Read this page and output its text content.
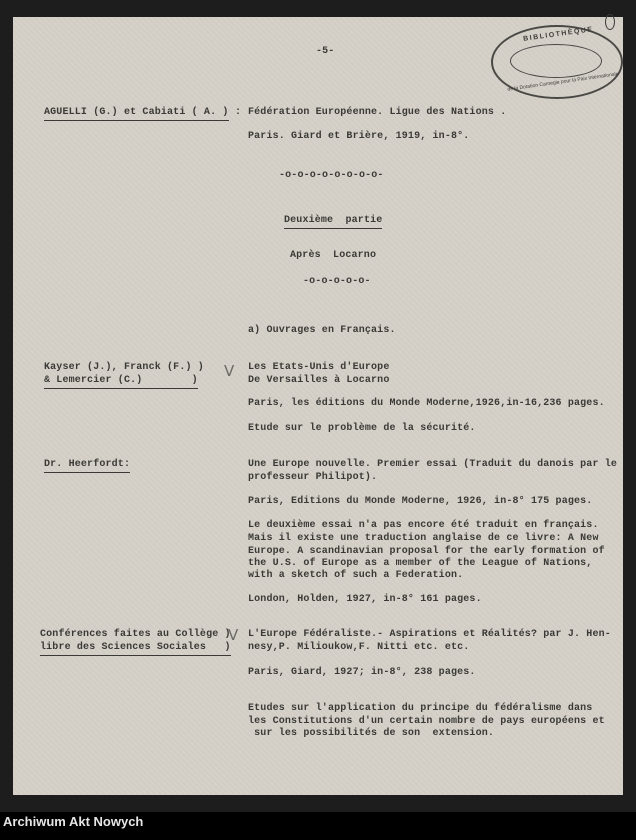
BIBLIOTHÈQUE
de la Dotation Carnegie pour la Paix Internationale
-5-
AGUELLI (G.) et Cabiati ( A. ) : Fédération Européenne. Ligue des Nations .
Paris. Giard et Brière, 1919, in-8°.
-o-o-o-o-o-o-o-o-
Deuxième  partie
Après  Locarno
-o-o-o-o-o-
a) Ouvrages en Français.
Kayser (J.), Franck (F.) )
& Lemercier (C.)        )
V Les Etats-Unis d'Europe
De Versailles à Locarno
Paris, les éditions du Monde Moderne,1926,in-16,236 pages.
Etude sur le problème de la sécurité.
Dr. Heerfordt:	Une Europe nouvelle. Premier essai (Traduit du danois par le
professeur Philipot).
Paris, Editions du Monde Moderne, 1926, in-8° 175 pages.
Le deuxième essai n'a pas encore été traduit en français.
Mais il existe une traduction anglaise de ce livre: A New
Europe. A scandinavian proposal for the early formation of
the U.S. of Europe as a member of the League of Nations,
with a sketch of such a Federation.
London, Holden, 1927, in-8° 161 pages.
Conférences faites au Collège )
libre des Sciences Sociales   )
V L'Europe Fédéraliste.- Aspirations et Réalités? par J. Hen-
nesy,P. Milioukow,F. Nitti etc. etc.
Paris, Giard, 1927; in-8°, 238 pages.
Etudes sur l'application du principe du fédéralisme dans
les Constitutions d'un certain nombre de pays européens et
sur les possibilités de son  extension.
Archiwum Akt Nowych
